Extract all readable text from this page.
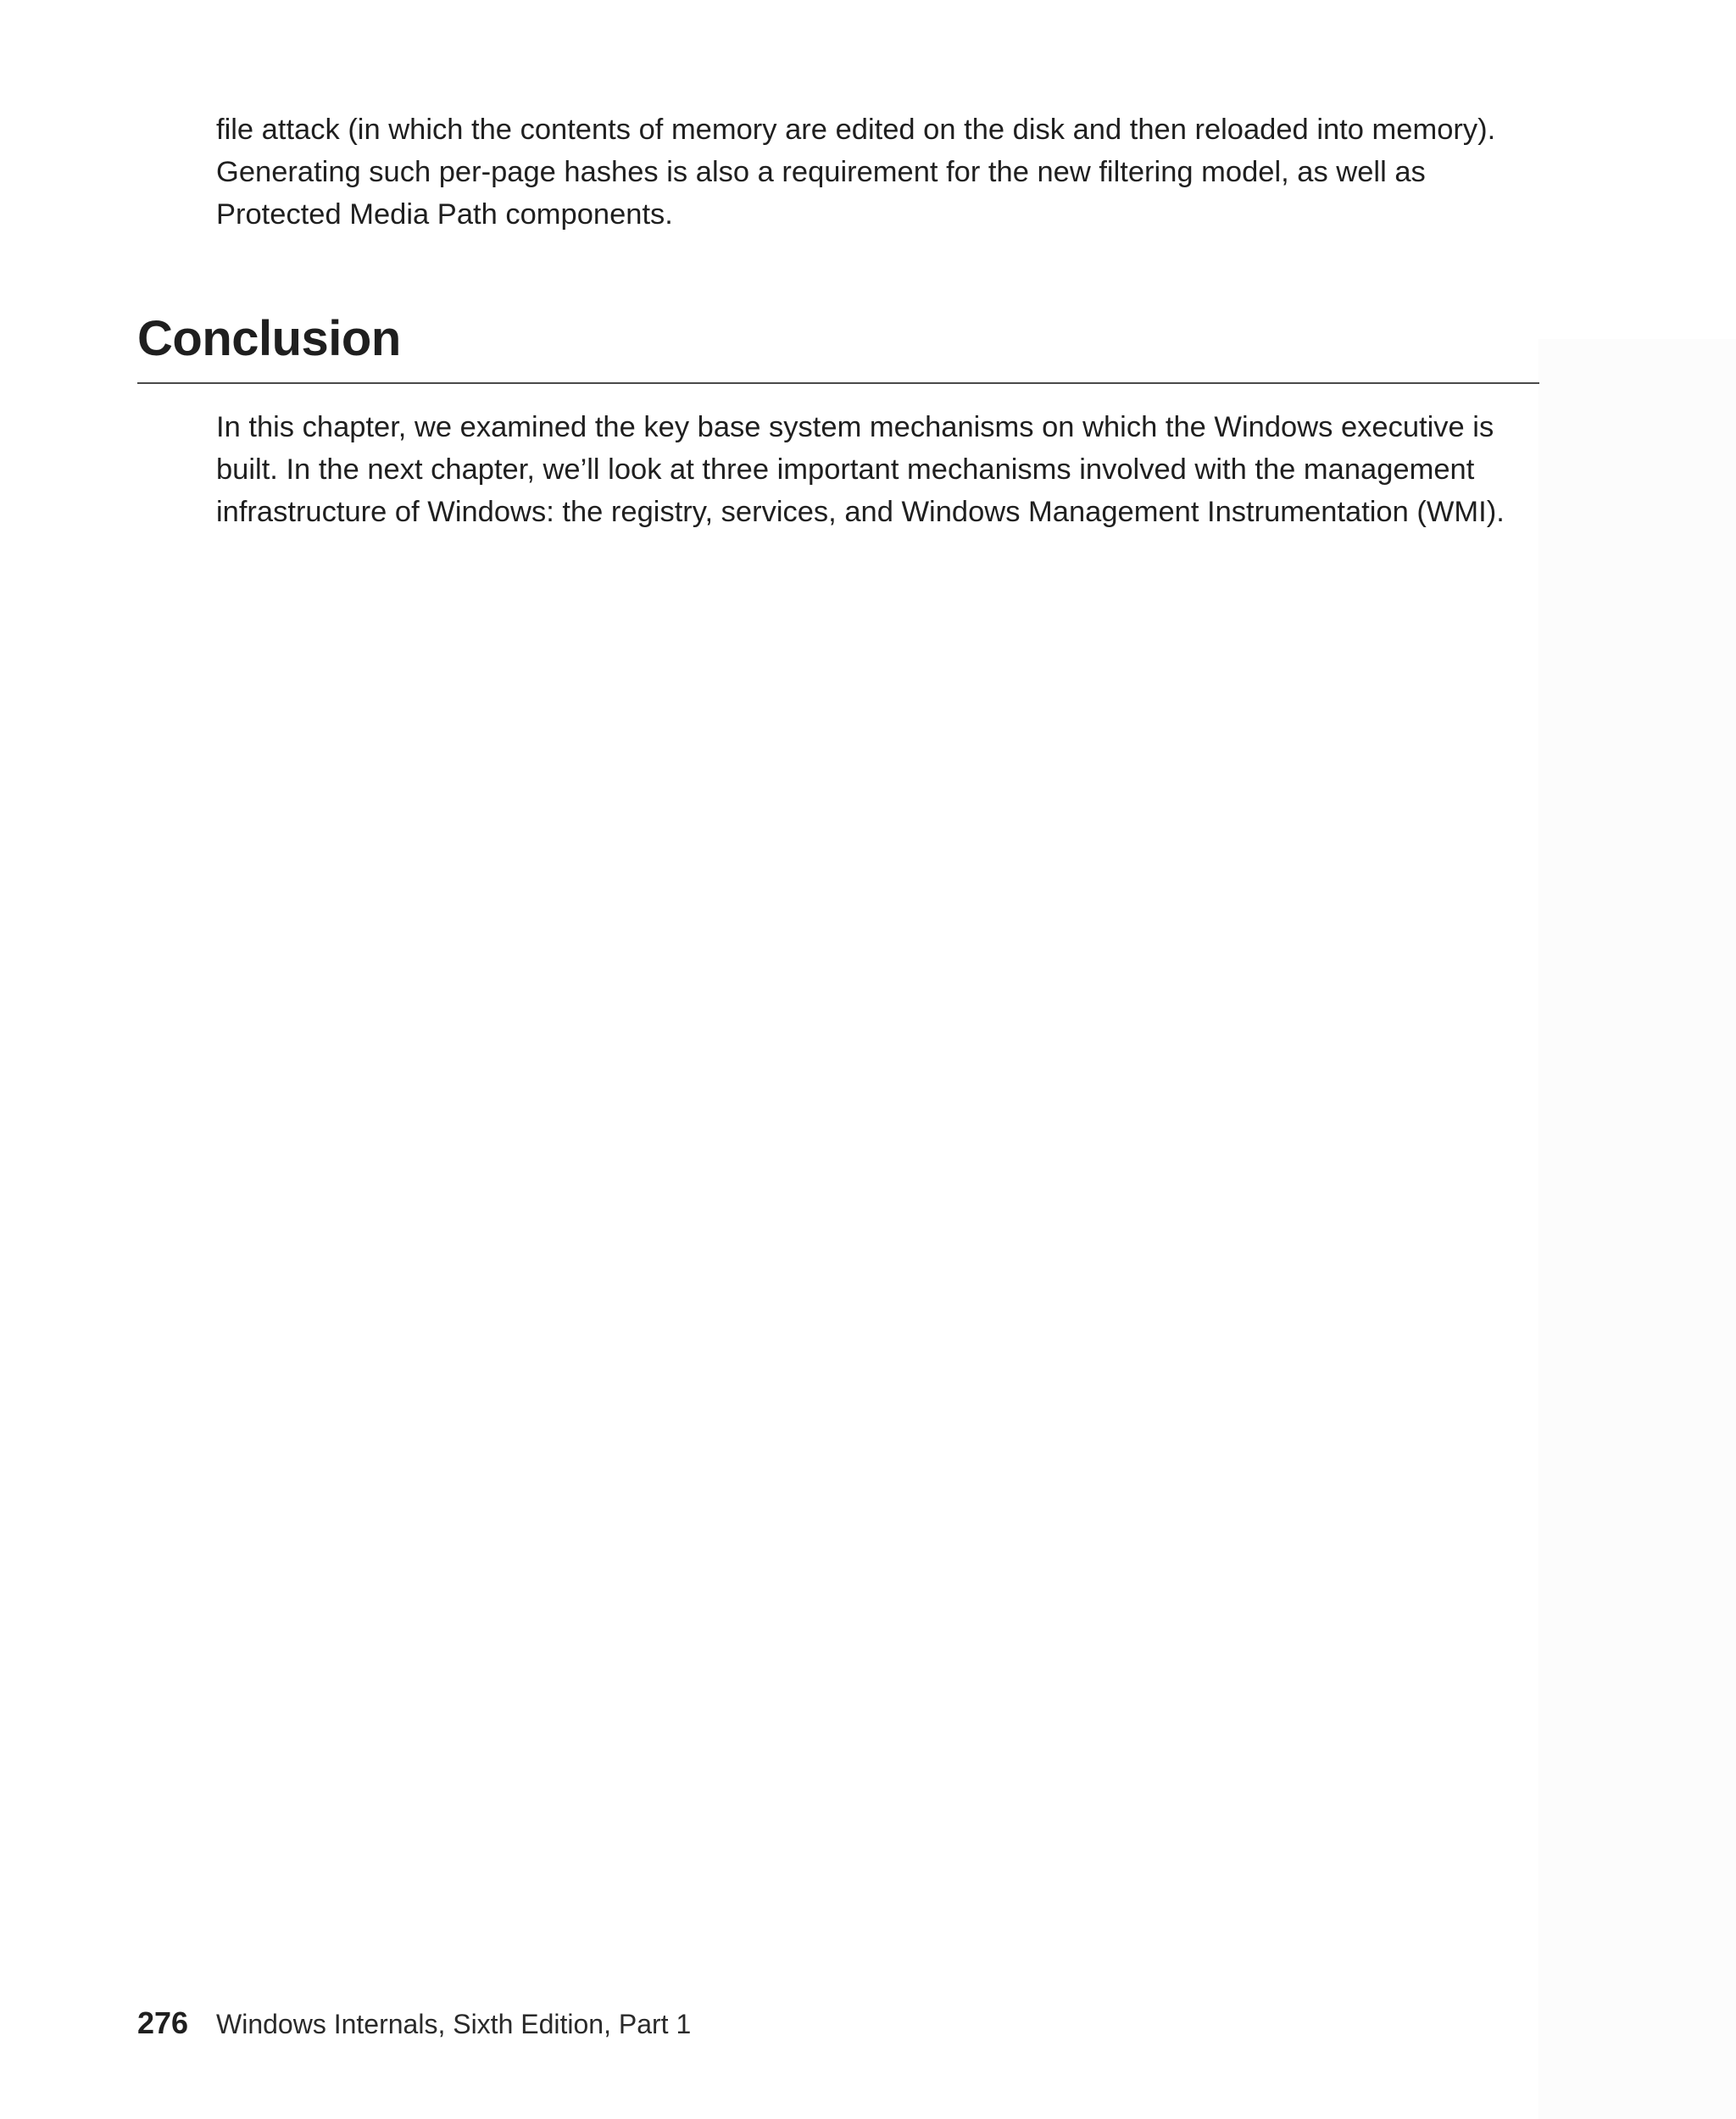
file attack (in which the contents of memory are edited on the disk and then reloaded into memory).
Generating such per-page hashes is also a requirement for the new filtering model, as well as
Protected Media Path components.

Conclusion

In this chapter, we examined the key base system mechanisms on which the Windows executive is
built. In the next chapter, we’ll look at three important mechanisms involved with the management
infrastructure of Windows: the registry, services, and Windows Management Instrumentation (WMI).

276 Windows Internals, Sixth Edition, Part 1
